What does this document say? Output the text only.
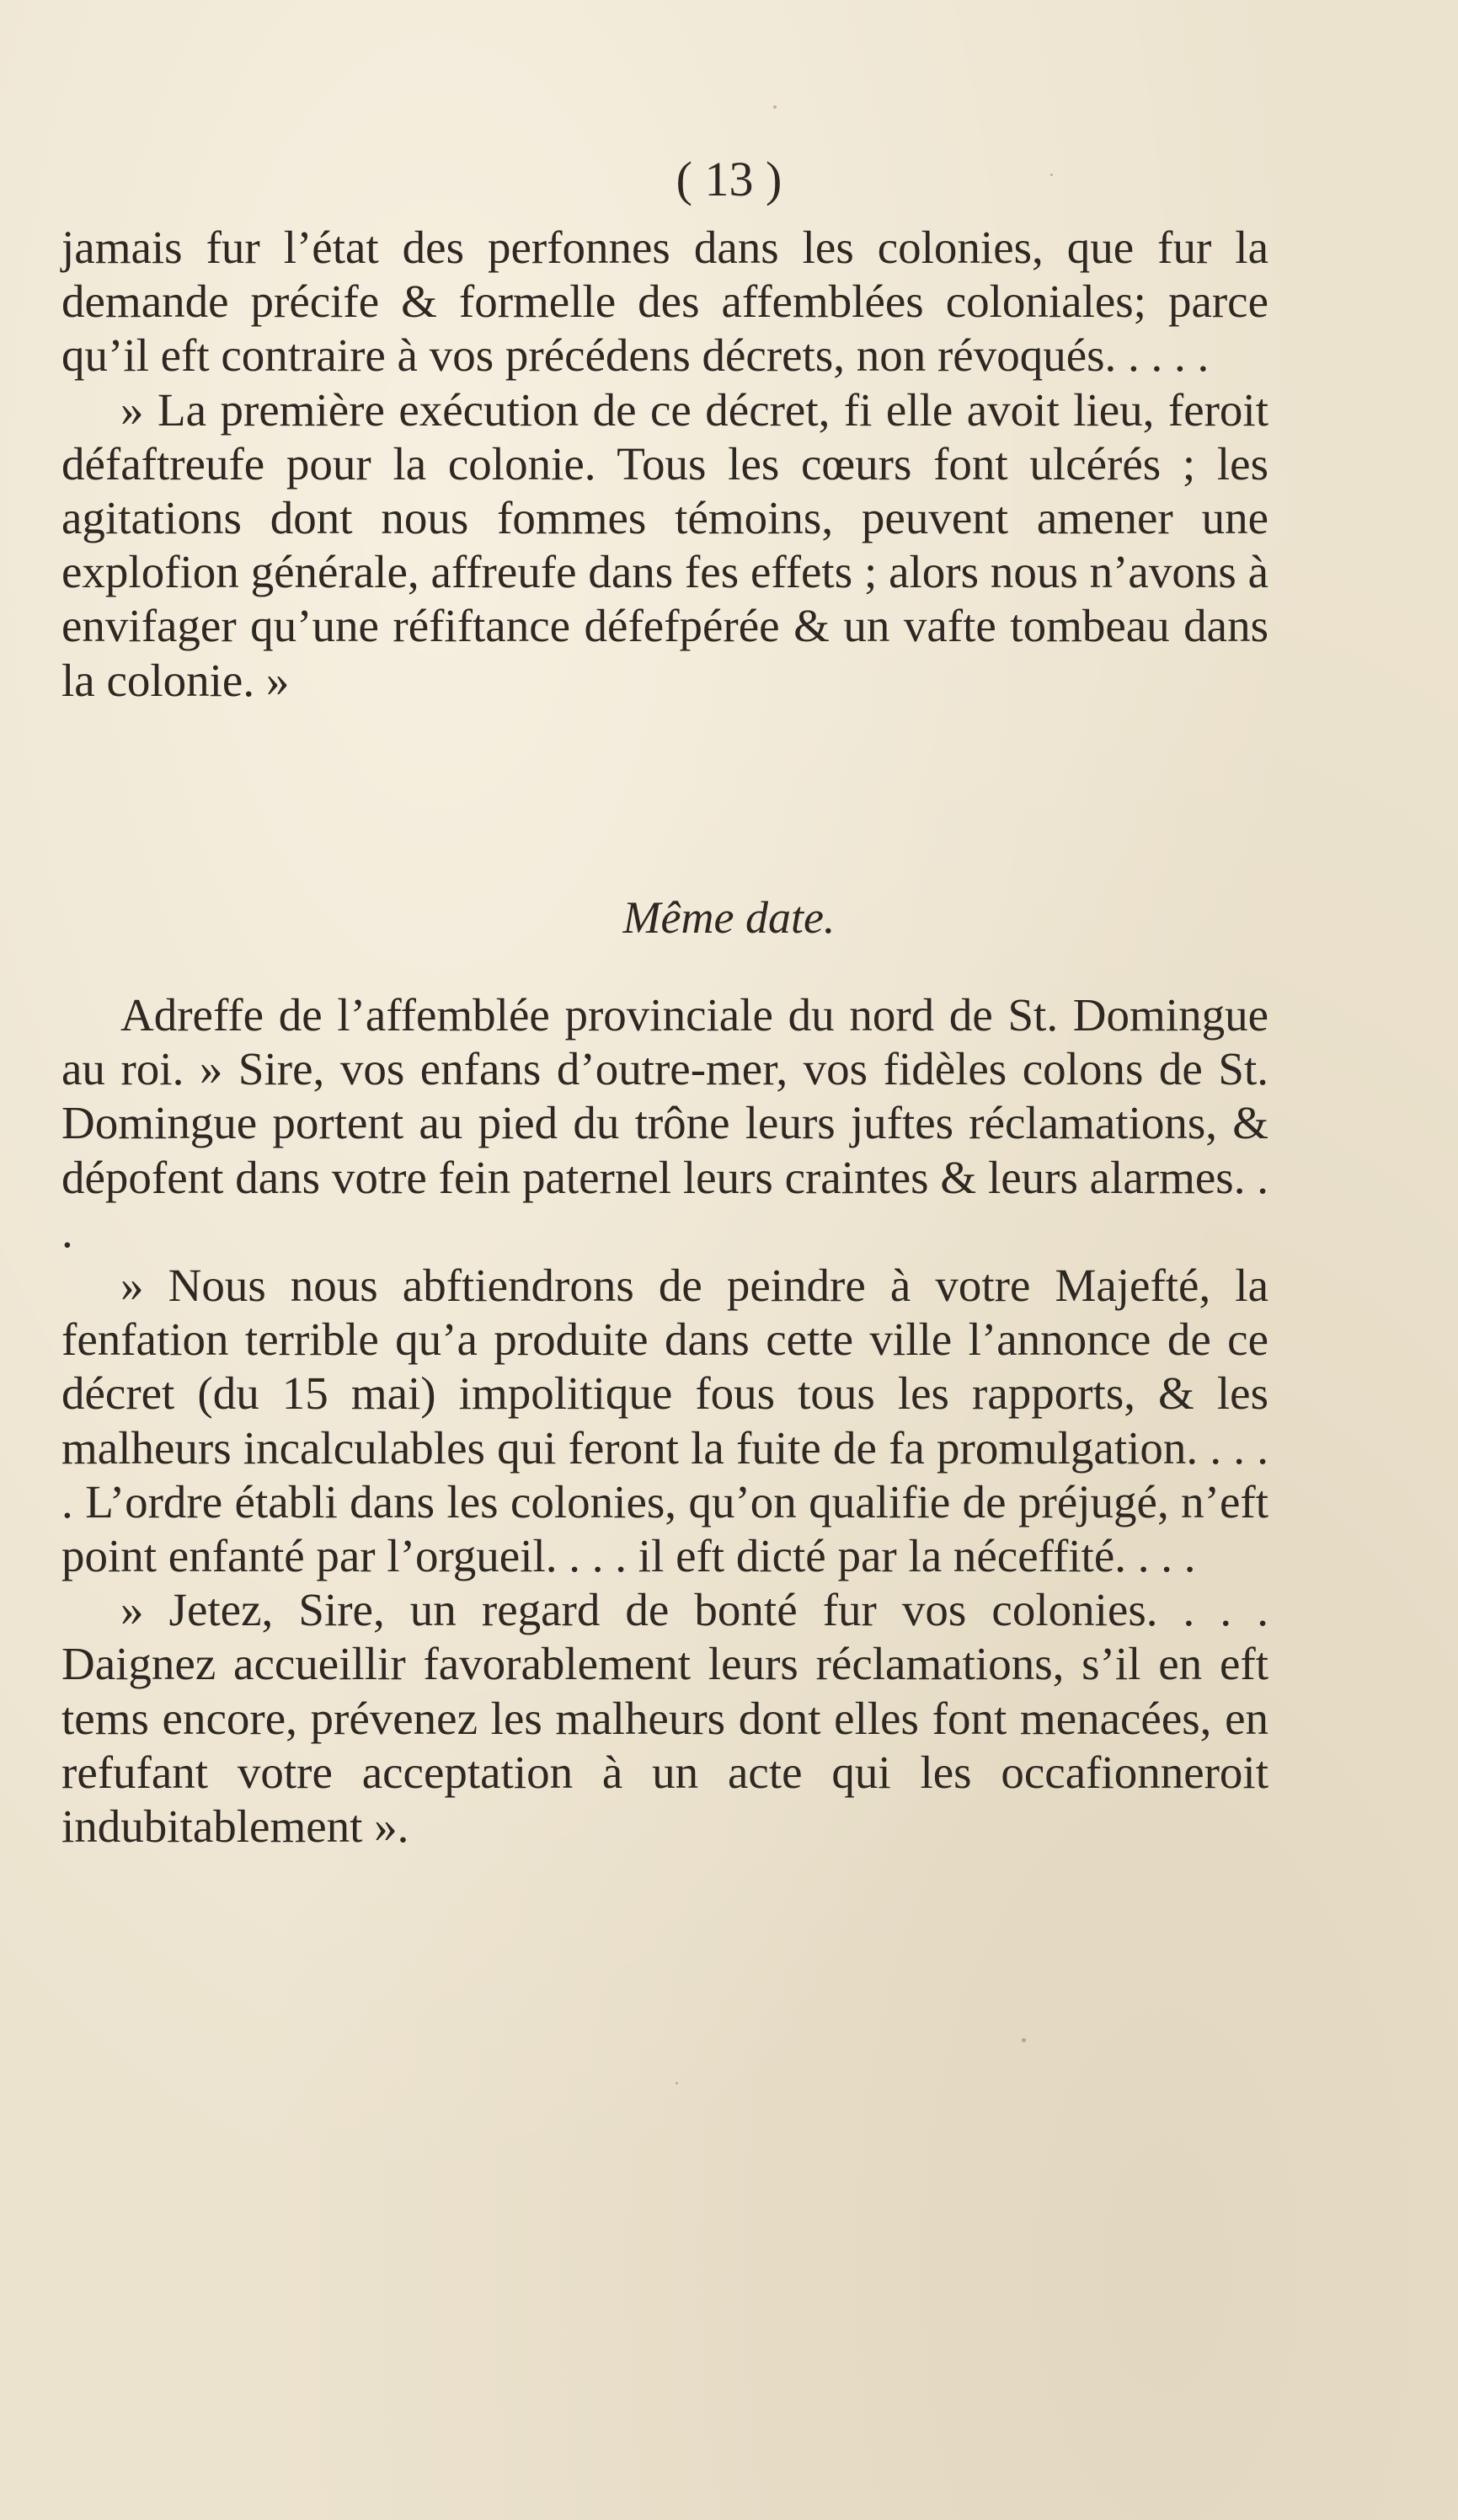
( 13 )

jamais fur l’état des perfonnes dans les colonies, que fur la demande précife & formelle des affemblées coloniales; parce qu’il eft contraire à vos précédens décrets, non révoqués. . . . .

» La première exécution de ce décret, fi elle avoit lieu, feroit défaftreufe pour la colonie. Tous les cœurs font ulcérés ; les agitations dont nous fommes témoins, peuvent amener une explofion générale, affreufe dans fes effets ; alors nous n’avons à envifager qu’une réfiftance défefpérée & un vafte tombeau dans la colonie. »

Même date.

Adreffe de l’affemblée provinciale du nord de St. Domingue au roi. » Sire, vos enfans d’outre-mer, vos fidèles colons de St. Domingue portent au pied du trône leurs juftes réclamations, & dépofent dans votre fein paternel leurs craintes & leurs alarmes. . .

» Nous nous abftiendrons de peindre à votre Majefté, la fenfation terrible qu’a produite dans cette ville l’annonce de ce décret (du 15 mai) impolitique fous tous les rapports, & les malheurs incalculables qui feront la fuite de fa promulgation. . . . . L’ordre établi dans les colonies, qu’on qualifie de préjugé, n’eft point enfanté par l’orgueil. . . . il eft dicté par la néceffité. . . .

» Jetez, Sire, un regard de bonté fur vos colonies. . . . Daignez accueillir favorablement leurs réclamations, s’il en eft tems encore, prévenez les malheurs dont elles font menacées, en refufant votre acceptation à un acte qui les occafionneroit indubitablement ».
